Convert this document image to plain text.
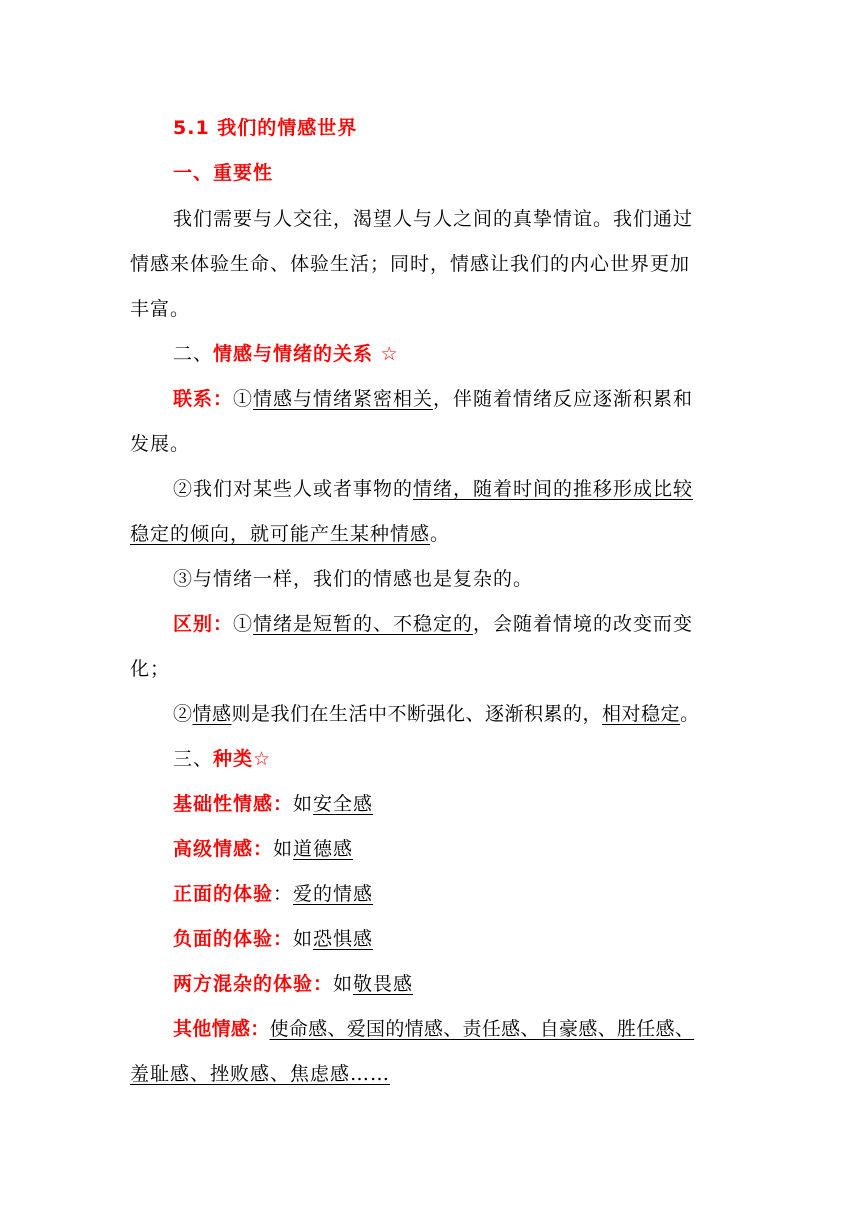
5.1 我们的情感世界
一、重要性
我们需要与人交往，渴望人与人之间的真挚情谊。我们通过
情感来体验生命、体验生活；同时，情感让我们的内心世界更加
丰富。
二、情感与情绪的关系 ☆
联系：①情感与情绪紧密相关，伴随着情绪反应逐渐积累和
发展。
②我们对某些人或者事物的情绪，随着时间的推移形成比较
稳定的倾向，就可能产生某种情感。
③与情绪一样，我们的情感也是复杂的。
区别：①情绪是短暂的、不稳定的，会随着情境的改变而变
化；
②情感则是我们在生活中不断强化、逐渐积累的，相对稳定。
三、种类☆
基础性情感：如安全感
高级情感：如道德感
正面的体验：爱的情感
负面的体验：如恐惧感
两方混杂的体验：如敬畏感
其他情感：使命感、爱国的情感、责任感、自豪感、胜任感、
羞耻感、挫败感、焦虑感……
